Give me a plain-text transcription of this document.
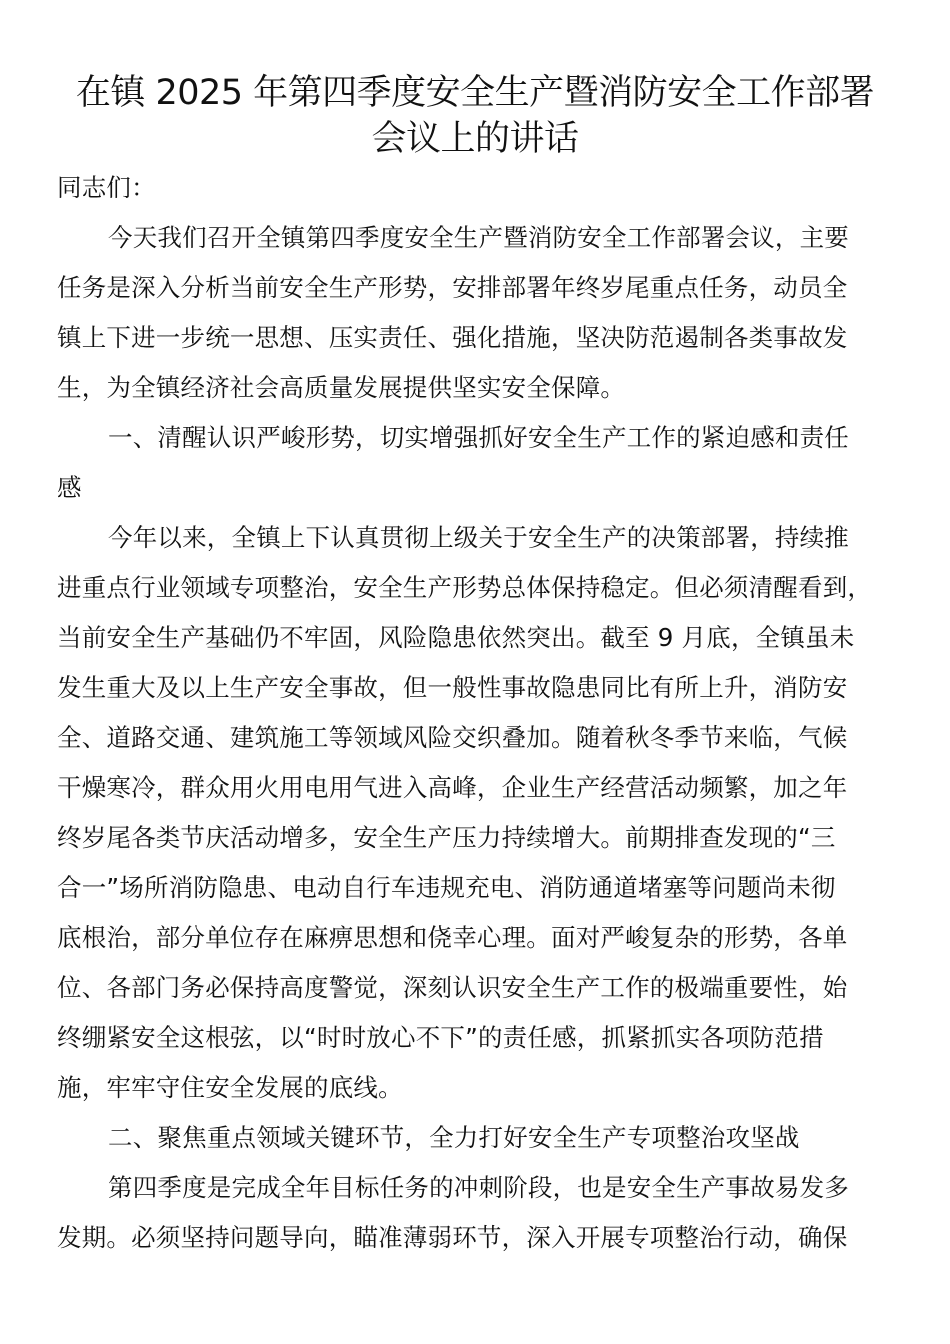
在镇 2025 年第四季度安全生产暨消防安全工作部署
会议上的讲话
同志们：
今天我们召开全镇第四季度安全生产暨消防安全工作部署会议，主要
任务是深入分析当前安全生产形势，安排部署年终岁尾重点任务，动员全
镇上下进一步统一思想、压实责任、强化措施，坚决防范遏制各类事故发
生，为全镇经济社会高质量发展提供坚实安全保障。
一、清醒认识严峻形势，切实增强抓好安全生产工作的紧迫感和责任
感
今年以来，全镇上下认真贯彻上级关于安全生产的决策部署，持续推
进重点行业领域专项整治，安全生产形势总体保持稳定。但必须清醒看到，
当前安全生产基础仍不牢固，风险隐患依然突出。截至 9 月底，全镇虽未
发生重大及以上生产安全事故，但一般性事故隐患同比有所上升，消防安
全、道路交通、建筑施工等领域风险交织叠加。随着秋冬季节来临，气候
干燥寒冷，群众用火用电用气进入高峰，企业生产经营活动频繁，加之年
终岁尾各类节庆活动增多，安全生产压力持续增大。前期排查发现的“三
合一”场所消防隐患、电动自行车违规充电、消防通道堵塞等问题尚未彻
底根治，部分单位存在麻痹思想和侥幸心理。面对严峻复杂的形势，各单
位、各部门务必保持高度警觉，深刻认识安全生产工作的极端重要性，始
终绷紧安全这根弦，以“时时放心不下”的责任感，抓紧抓实各项防范措
施，牢牢守住安全发展的底线。
二、聚焦重点领域关键环节，全力打好安全生产专项整治攻坚战
第四季度是完成全年目标任务的冲刺阶段，也是安全生产事故易发多
发期。必须坚持问题导向，瞄准薄弱环节，深入开展专项整治行动，确保
